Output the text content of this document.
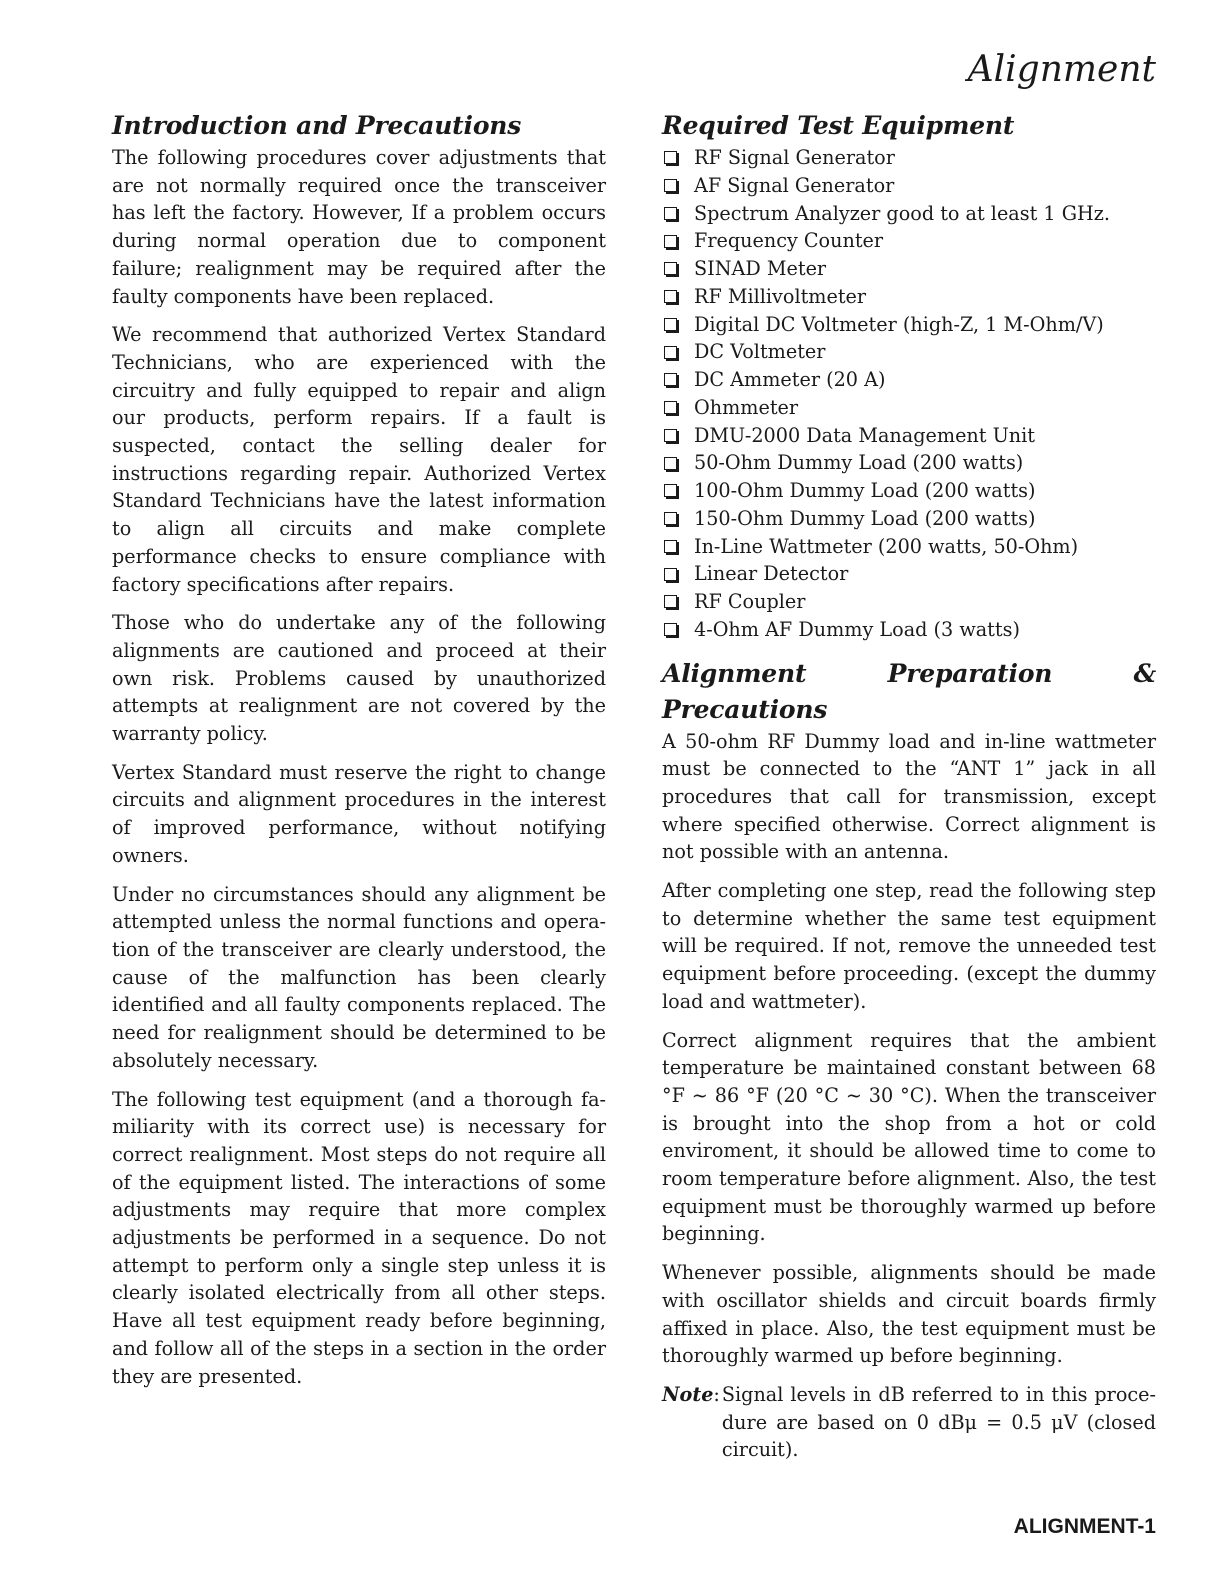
Alignment
Introduction and Precautions

The following procedures cover adjustments that are not normally required once the transceiver has left the factory. However, If a problem occurs during normal operation due to component failure; realignment may be required after the faulty components have been replaced.

We recommend that authorized Vertex Standard Technicians, who are experienced with the circuitry and fully equipped to repair and align our products, perform repairs. If a fault is suspected, contact the selling dealer for instructions regarding repair. Authorized Vertex Standard Technicians have the latest information to align all circuits and make complete performance checks to ensure compliance with factory specifications after repairs.

Those who do undertake any of the following alignments are cautioned and proceed at their own risk. Problems caused by unauthorized attempts at realignment are not covered by the warranty policy.

Vertex Standard must reserve the right to change circuits and alignment procedures in the interest of improved performance, without notifying owners.

Under no circumstances should any alignment be attempted unless the normal functions and operation of the transceiver are clearly understood, the cause of the malfunction has been clearly identified and all faulty components replaced. The need for realignment should be determined to be absolutely necessary.

The following test equipment (and a thorough familiarity with its correct use) is necessary for correct realignment. Most steps do not require all of the equipment listed. The interactions of some adjustments may require that more complex adjustments be performed in a sequence. Do not attempt to perform only a single step unless it is clearly isolated electrically from all other steps. Have all test equipment ready before beginning, and follow all of the steps in a section in the order they are presented.

Required Test Equipment
RF Signal Generator
AF Signal Generator
Spectrum Analyzer good to at least 1 GHz.
Frequency Counter
SINAD Meter
RF Millivoltmeter
Digital DC Voltmeter (high-Z, 1 M-Ohm/V)
DC Voltmeter
DC Ammeter (20 A)
Ohmmeter
DMU-2000 Data Management Unit
50-Ohm Dummy Load (200 watts)
100-Ohm Dummy Load (200 watts)
150-Ohm Dummy Load (200 watts)
In-Line Wattmeter (200 watts, 50-Ohm)
Linear Detector
RF Coupler
4-Ohm AF Dummy Load (3 watts)
Alignment Preparation & Precautions

A 50-ohm RF Dummy load and in-line wattmeter must be connected to the “ANT 1” jack in all procedures that call for transmission, except where specified otherwise. Correct alignment is not possible with an antenna.

After completing one step, read the following step to determine whether the same test equipment will be required. If not, remove the unneeded test equipment before proceeding. (except the dummy load and wattmeter).

Correct alignment requires that the ambient temperature be maintained constant between 68 °F ~ 86 °F (20 °C ~ 30 °C). When the transceiver is brought into the shop from a hot or cold enviroment, it should be allowed time to come to room temperature before alignment. Also, the test equipment must be thoroughly warmed up before beginning.

Whenever possible, alignments should be made with oscillator shields and circuit boards firmly affixed in place. Also, the test equipment must be thoroughly warmed up before beginning.

Note : Signal levels in dB referred to in this procedure are based on 0 dBμ = 0.5 μV (closed circuit).
ALIGNMENT-1
